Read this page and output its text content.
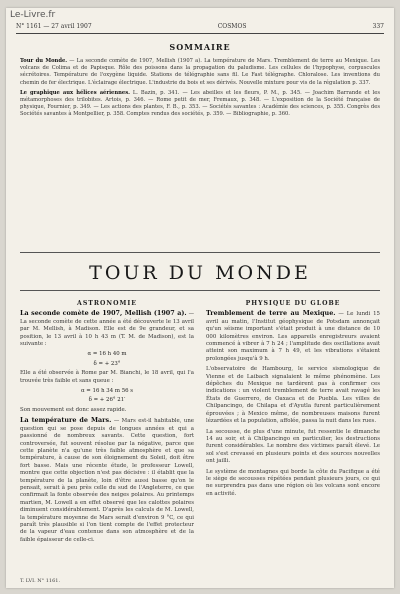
Le-Livre.fr
N° 1161 — 27 avril 1907	COSMOS	337
SOMMAIRE

Tour du Monde. — La seconde comète de 1907, Mellish (1907 a). La température de Mars. Tremblement de terre au Mexique. Les volcans de Colima et de Papisque. Rôle des poissons dans la propagation du paludisme. Les cellules de l'hypophyse, corpuscules sécrétoires. Température de l'oxygène liquide. Stations de télégraphie sans fil. Le Fast télégraphe. Chloralose. Les inventions du chemin de fer électrique. L'éclairage électrique. L'industrie du bois et ses dérivés. Nouvelle mixture pour vis de la régulation p. 337.

Le graphique aux hélices aériennes. L. Bazin, p. 341. — Les abeilles et les fleurs, P. M., p. 345. — Joachim Barrande et les métamorphoses des trilobites. Artois, p. 346. — Rome petit de mer, Fremaux, p. 348. — L'exposition de la Société française de physique, Fournier, p. 349. — Les actions des plantes, F. B., p. 353. — Sociétés savantes : Académie des sciences, p. 355. Congrès des Sociétés savantes à Montpellier, p. 358. Comptes rendus des sociétés, p. 359. — Bibliographie, p. 360.

TOUR DU MONDE
ASTRONOMIE

La seconde comète de 1907, Mellish (1907 a). — La seconde comète de cette année a été découverte le 13 avril par M. Mellish, à Madison. Elle est de 9e grandeur, et sa position, le 13 avril à 10 h 43 m (T. M. de Madison), est la suivante :

α = 16 h 40 m
δ = + 23°

Elle a été observée à Rome par M. Bianchi, le 18 avril, qui l'a trouvée très faible et sans queue :

α = 16 h 34 m 56 s
δ = + 26° 21′

Son mouvement est donc assez rapide.

La température de Mars. — Mars est-il habitable, une question qui se pose depuis de longues années et qui a passionné de nombreux savants. Cette question, fort controversée, fut souvent résolue par la négative, parce que cette planète n'a qu'une très faible atmosphère et que sa température, à cause de son éloignement du Soleil, doit être fort basse. Mais une récente étude, le professeur Lowell, montre que cette objection n'est pas décisive : il établit que la température de la planète, loin d'être aussi basse qu'on le pensait, serait à peu près celle du sud de l'Angleterre, ce que confirmait la fonte observée des neiges polaires. Au printemps martien, M. Lowell a en effet observé que les calottes polaires diminuent considérablement. D'après les calculs de M. Lowell, la température moyenne de Mars serait d'environ 9 °C, ce qui paraît très plausible si l'on tient compte de l'effet protecteur de la vapeur d'eau contenue dans son atmosphère et de la faible épaisseur de celle-ci.

PHYSIQUE DU GLOBE

Tremblement de terre au Mexique. — Le lundi 15 avril au matin, l'Institut géophysique de Potsdam annonçait qu'un séisme important s'était produit à une distance de 10 000 kilomètres environ. Les appareils enregistreurs avaient commencé à vibrer à 7 h 24 ; l'amplitude des oscillations avait atteint son maximum à 7 h 49, et les vibrations s'étaient prolongées jusqu'à 9 h.

L'observatoire de Hambourg, le service sismologique de Vienne et de Laibach signalaient le même phénomène. Les dépêches du Mexique ne tardèrent pas à confirmer ces indications : un violent tremblement de terre avait ravagé les États de Guerrero, de Oaxaca et de Puebla. Les villes de Chilpancingo, de Chilapa et d'Ayutla furent particulièrement éprouvées ; à Mexico même, de nombreuses maisons furent lézardées et la population, affolée, passa la nuit dans les rues.

La secousse, de plus d'une minute, fut ressentie le dimanche 14 au soir, et à Chilpancingo en particulier, les destructions furent considérables. Le nombre des victimes paraît élevé. Le sol s'est crevassé en plusieurs points et des sources nouvelles ont jailli.

Le système de montagnes qui borde la côte du Pacifique a été le siège de secousses répétées pendant plusieurs jours, ce qui ne surprendra pas dans une région où les volcans sont encore en activité.

T. LVI. N° 1161.
